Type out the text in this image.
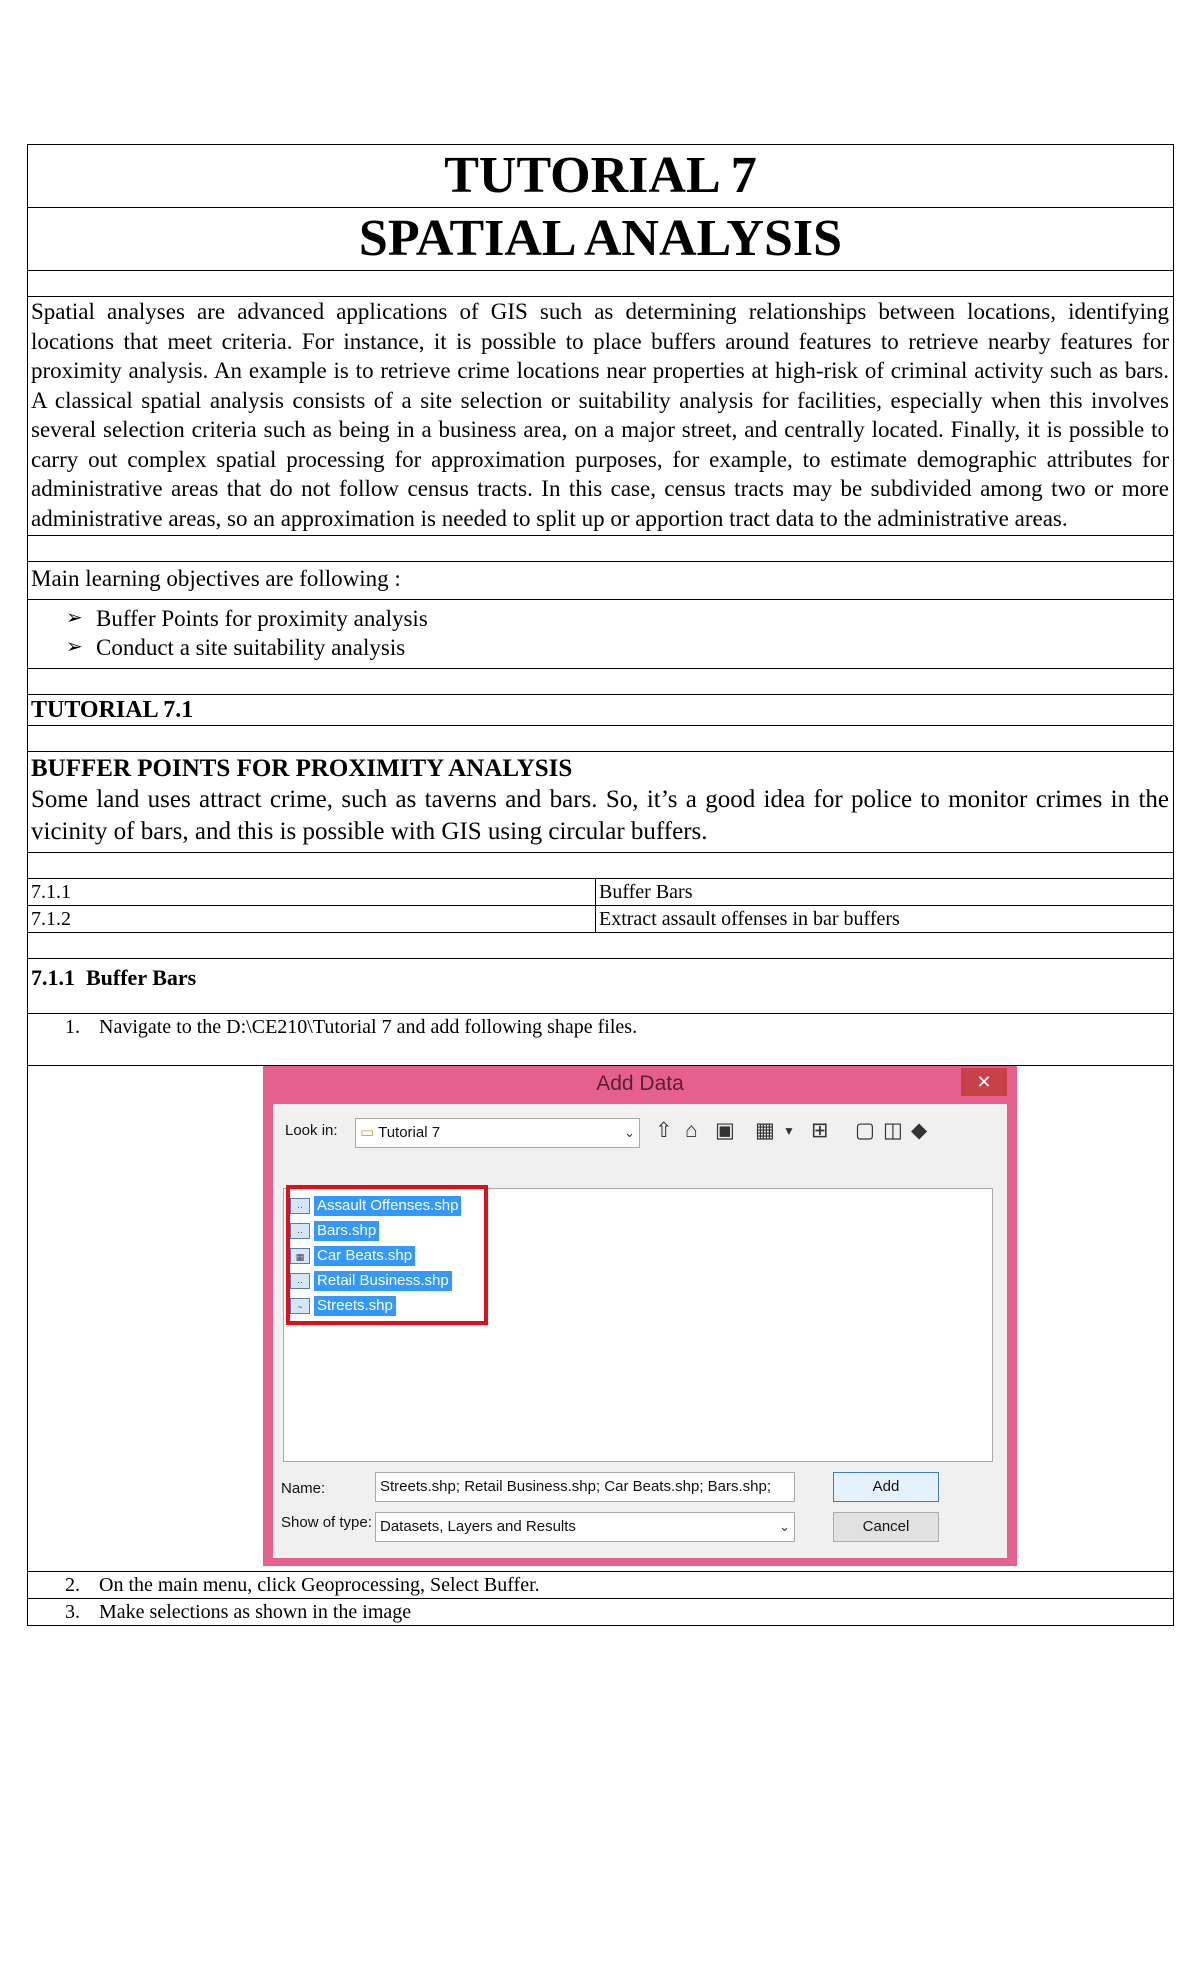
TUTORIAL 7
SPATIAL ANALYSIS
Spatial analyses are advanced applications of GIS such as determining relationships between locations, identifying locations that meet criteria. For instance, it is possible to place buffers around features to retrieve nearby features for proximity analysis. An example is to retrieve crime locations near properties at high-risk of criminal activity such as bars. A classical spatial analysis consists of a site selection or suitability analysis for facilities, especially when this involves several selection criteria such as being in a business area, on a major street, and centrally located. Finally, it is possible to carry out complex spatial processing for approximation purposes, for example, to estimate demographic attributes for administrative areas that do not follow census tracts. In this case, census tracts may be subdivided among two or more administrative areas, so an approximation is needed to split up or apportion tract data to the administrative areas.
Main learning objectives are following :
➢ Buffer Points for proximity analysis
➢ Conduct a site suitability analysis
TUTORIAL 7.1
BUFFER POINTS FOR PROXIMITY ANALYSIS
Some land uses attract crime, such as taverns and bars. So, it’s a good idea for police to monitor crimes in the vicinity of bars, and this is possible with GIS using circular buffers.
7.1.1	Buffer Bars
7.1.2	Extract assault offenses in bar buffers
7.1.1 Buffer Bars
1. Navigate to the D:\CE210\Tutorial 7 and add following shape files.
Add Data	✕
Look in:	▭ Tutorial 7	⌄ ⇧ ⌂ ▣ ▦ ▼ ⊞ ▢ ◫ ◆
·· Assault Offenses.shp
·· Bars.shp
▦ Car Beats.shp
·· Retail Business.shp
~ Streets.shp
Name:	Streets.shp; Retail Business.shp; Car Beats.shp; Bars.shp;	Add
Show of type: Datasets, Layers and Results	⌄	Cancel
2. On the main menu, click Geoprocessing, Select Buffer.
3. Make selections as shown in the image
